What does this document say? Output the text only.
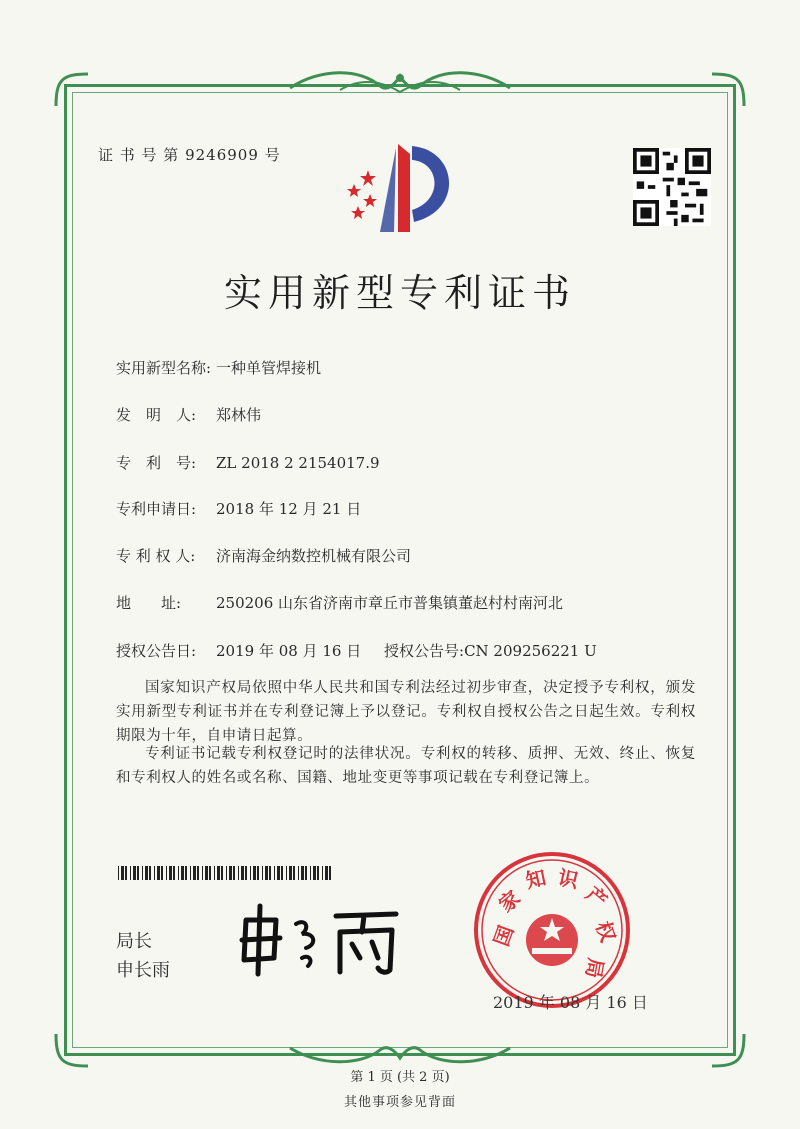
证 书 号 第 9246909 号
实用新型专利证书
实用新型名称: 一种单管焊接机
发　明　人: 郑林伟
专　利　号: ZL 2018 2 2154017.9
专利申请日: 2018 年 12 月 21 日
专 利 权 人: 济南海金纳数控机械有限公司
地　　址: 250206 山东省济南市章丘市普集镇董赵村村南河北
授权公告日: 2019 年 08 月 16 日 授权公告号:CN 209256221 U
国家知识产权局依照中华人民共和国专利法经过初步审查，决定授予专利权，颁发实用新型专利证书并在专利登记簿上予以登记。专利权自授权公告之日起生效。专利权期限为十年，自申请日起算。
专利证书记载专利权登记时的法律状况。专利权的转移、质押、无效、终止、恢复和专利权人的姓名或名称、国籍、地址变更等事项记载在专利登记簿上。
局长
申长雨
国
家
知 识
产
权
局
2019 年 08 月 16 日
第 1 页 (共 2 页)
其他事项参见背面
